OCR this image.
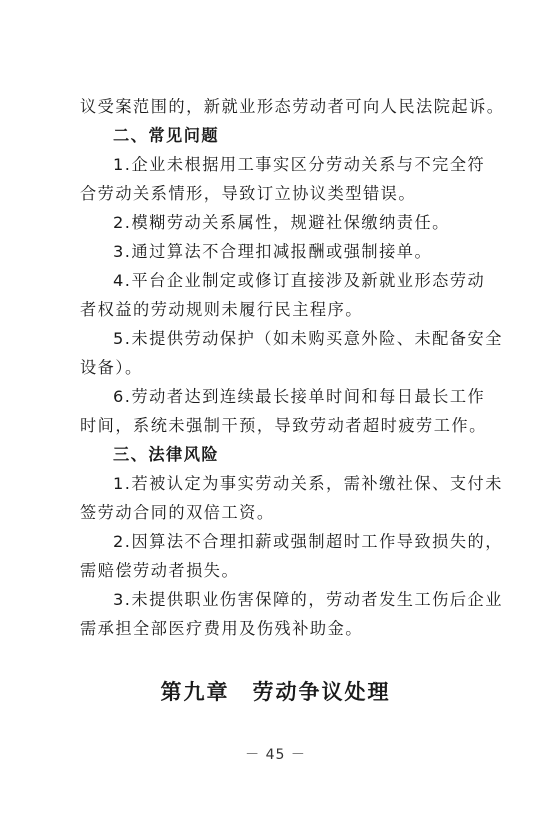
议受案范围的，新就业形态劳动者可向人民法院起诉。

二、常见问题

1.企业未根据用工事实区分劳动关系与不完全符

合劳动关系情形，导致订立协议类型错误。

2.模糊劳动关系属性，规避社保缴纳责任。

3.通过算法不合理扣减报酬或强制接单。

4.平台企业制定或修订直接涉及新就业形态劳动

者权益的劳动规则未履行民主程序。

5.未提供劳动保护（如未购买意外险、未配备安全

设备）。

6.劳动者达到连续最长接单时间和每日最长工作

时间，系统未强制干预，导致劳动者超时疲劳工作。

三、法律风险

1.若被认定为事实劳动关系，需补缴社保、支付未

签劳动合同的双倍工资。

2.因算法不合理扣薪或强制超时工作导致损失的，

需赔偿劳动者损失。

3.未提供职业伤害保障的，劳动者发生工伤后企业

需承担全部医疗费用及伤残补助金。

第九章　劳动争议处理
－ 45 －
